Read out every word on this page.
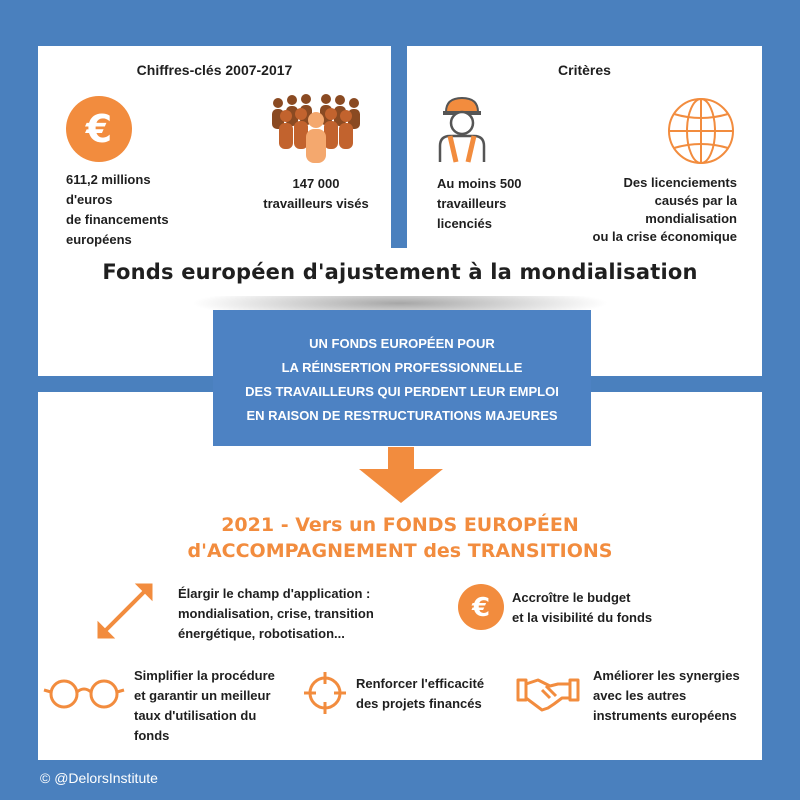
Chiffres-clés 2007-2017
€
611,2 millions
d'euros
de financements
européens
147 000
travailleurs visés
Critères
Au moins 500
travailleurs
licenciés
Des licenciements
causés par la
mondialisation
ou la crise économique
Fonds européen d'ajustement à la mondialisation
UN FONDS EUROPÉEN POUR
LA RÉINSERTION PROFESSIONNELLE
DES TRAVAILLEURS QUI PERDENT LEUR EMPLOI
EN RAISON DE RESTRUCTURATIONS MAJEURES
2021 - Vers un FONDS EUROPÉEN
d'ACCOMPAGNEMENT des TRANSITIONS
Élargir le champ d'application :
mondialisation, crise, transition
énergétique, robotisation...
€ Accroître le budget
et la visibilité du fonds
Simplifier la procédure
et garantir un meilleur
taux d'utilisation du
fonds
Renforcer l'efficacité
des projets financés
Améliorer les synergies
avec les autres
instruments européens
© @DelorsInstitute
